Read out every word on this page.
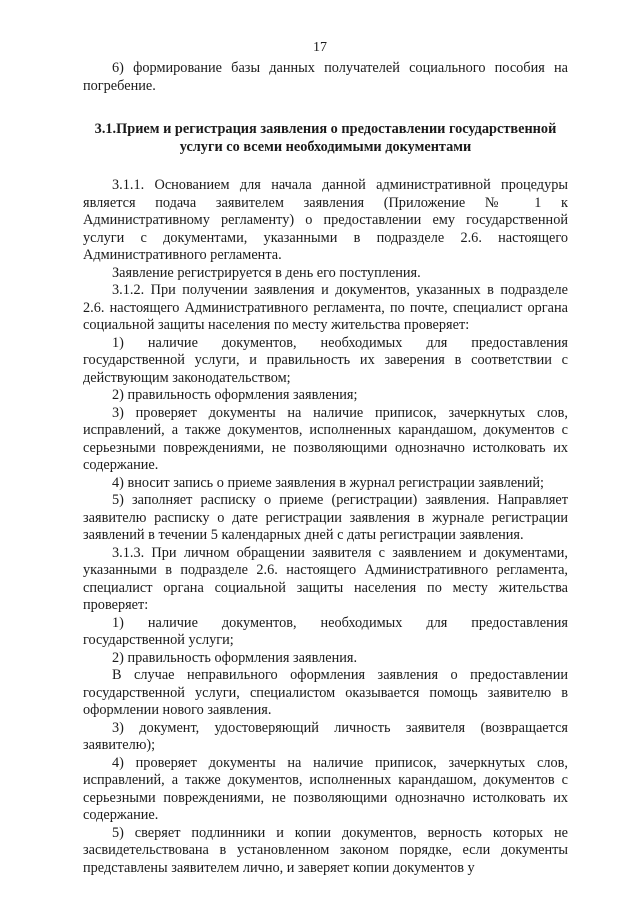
17

6) формирование базы данных получателей социального пособия на погребение.

3.1.Прием и регистрация заявления о предоставлении государственной услуги со всеми необходимыми документами

3.1.1. Основанием для начала данной административной процедуры является подача заявителем заявления (Приложение № 1 к Административному регламенту) о предоставлении ему государственной услуги с документами, указанными в подразделе 2.6. настоящего Административного регламента.

Заявление регистрируется в день его поступления.

3.1.2. При получении заявления и документов, указанных в подразделе 2.6. настоящего Административного регламента, по почте, специалист органа социальной защиты населения по месту жительства проверяет:

1) наличие документов, необходимых для предоставления государственной услуги, и правильность их заверения в соответствии с действующим законодательством;

2) правильность оформления заявления;

3) проверяет документы на наличие приписок, зачеркнутых слов, исправлений, а также документов, исполненных карандашом, документов с серьезными повреждениями, не позволяющими однозначно истолковать их содержание.

4) вносит запись о приеме заявления в журнал регистрации заявлений;

5) заполняет расписку о приеме (регистрации) заявления. Направляет заявителю расписку о дате регистрации заявления в журнале регистрации заявлений в течении 5 календарных дней с даты регистрации заявления.

3.1.3. При личном обращении заявителя с заявлением и документами, указанными в подразделе 2.6. настоящего Административного регламента, специалист органа социальной защиты населения по месту жительства проверяет:

1) наличие документов, необходимых для предоставления государственной услуги;

2) правильность оформления заявления.

В случае неправильного оформления заявления о предоставлении государственной услуги, специалистом оказывается помощь заявителю в оформлении нового заявления.

3) документ, удостоверяющий личность заявителя (возвращается заявителю);

4) проверяет документы на наличие приписок, зачеркнутых слов, исправлений, а также документов, исполненных карандашом, документов с серьезными повреждениями, не позволяющими однозначно истолковать их содержание.

5) сверяет подлинники и копии документов, верность которых не засвидетельствована в установленном законом порядке, если документы представлены заявителем лично, и заверяет копии документов у
